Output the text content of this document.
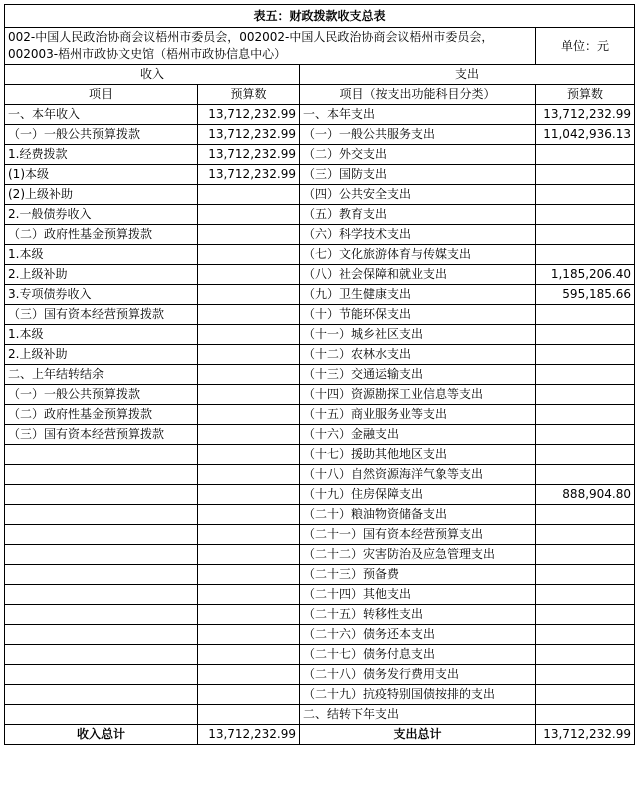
表五：财政拨款收支总表			
002-中国人民政治协商会议梧州市委员会，002002-中国人民政治协商会议梧州市委员会，002003-梧州市政协文史馆（梧州市政协信息中心）			单位：元
收入		支出	
项目	预算数	项目（按支出功能科目分类）	预算数
一、本年收入	13,712,232.99	一、本年支出	13,712,232.99
（一）一般公共预算拨款	13,712,232.99	（一）一般公共服务支出	11,042,936.13
1.经费拨款	13,712,232.99	（二）外交支出	
(1)本级	13,712,232.99	（三）国防支出	
(2)上级补助		（四）公共安全支出	
2.一般债券收入		（五）教育支出	
（二）政府性基金预算拨款		（六）科学技术支出	
1.本级		（七）文化旅游体育与传媒支出	
2.上级补助		（八）社会保障和就业支出	1,185,206.40
3.专项债券收入		（九）卫生健康支出	595,185.66
（三）国有资本经营预算拨款		（十）节能环保支出	
1.本级		（十一）城乡社区支出	
2.上级补助		（十二）农林水支出	
二、上年结转结余		（十三）交通运输支出	
（一）一般公共预算拨款		（十四）资源勘探工业信息等支出	
（二）政府性基金预算拨款		（十五）商业服务业等支出	
（三）国有资本经营预算拨款		（十六）金融支出	
		（十七）援助其他地区支出	
		（十八）自然资源海洋气象等支出	
		（十九）住房保障支出	888,904.80
		（二十）粮油物资储备支出	
		（二十一）国有资本经营预算支出	
		（二十二）灾害防治及应急管理支出	
		（二十三）预备费	
		（二十四）其他支出	
		（二十五）转移性支出	
		（二十六）债务还本支出	
		（二十七）债务付息支出	
		（二十八）债务发行费用支出	
		（二十九）抗疫特别国债按排的支出	
		二、结转下年支出	
收入总计	13,712,232.99	支出总计	13,712,232.99
